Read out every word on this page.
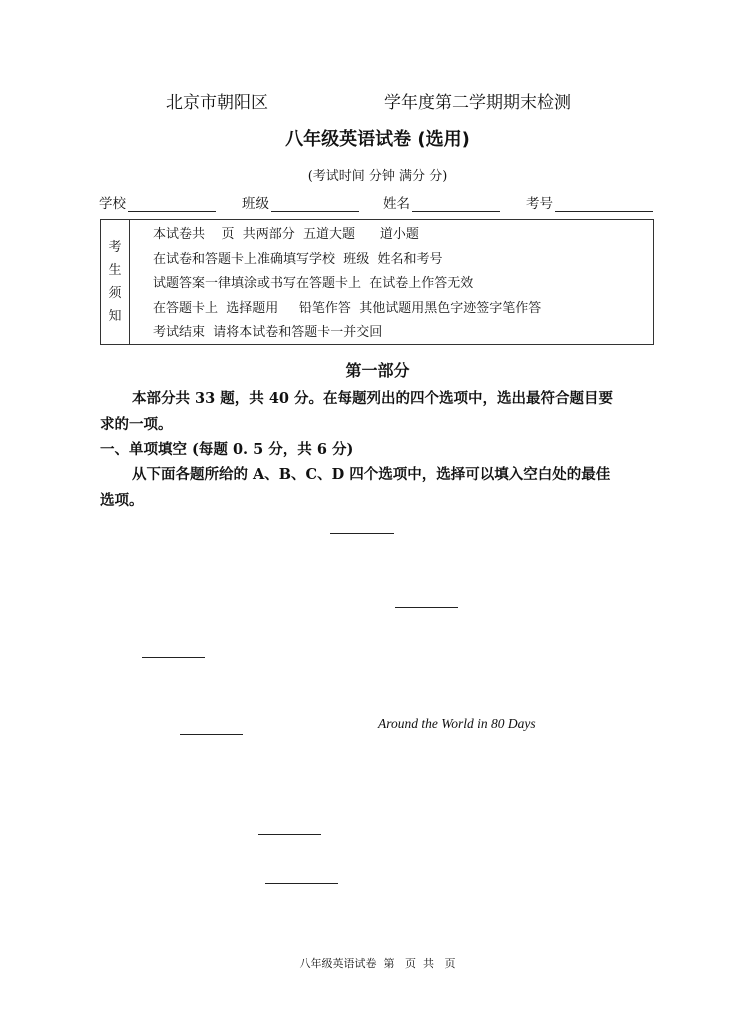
北京市朝阳区	学年度第二学期期末检测
八年级英语试卷 (选用)
(考试时间 分钟 满分 分)
学校	班级	姓名	考号
考
生
须
知
本试卷共    页  共两部分  五道大题      道小题
在试卷和答题卡上准确填写学校  班级  姓名和考号
试题答案一律填涂或书写在答题卡上  在试卷上作答无效
在答题卡上  选择题用     铅笔作答  其他试题用黑色字迹签字笔作答
考试结束  请将本试卷和答题卡一并交回
第一部分
本部分共 33 题，共 40 分。在每题列出的四个选项中，选出最符合题目要
求的一项。
一、单项填空 (每题 0. 5 分，共 6 分)
从下面各题所给的 A、B、C、D 四个选项中，选择可以填入空白处的最佳
选项。
Around the World in 80 Days
八年级英语试卷  第   页  共   页
